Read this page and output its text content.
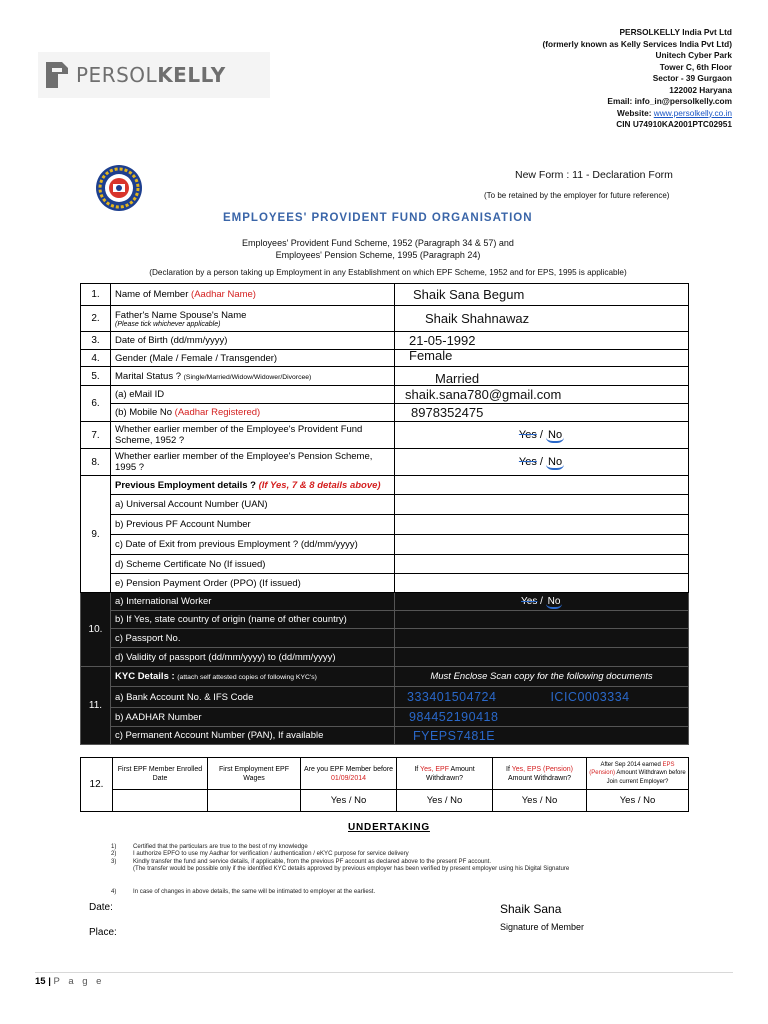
PERSOLKELLY
PERSOLKELLY India Pvt Ltd
(formerly known as Kelly Services India Pvt Ltd)
Unitech Cyber Park
Tower C, 6th Floor
Sector - 39 Gurgaon
122002 Haryana
Email: info_in@persolkelly.com
Website: www.persolkelly.co.in
CIN U74910KA2001PTC02951
New Form : 11 - Declaration Form
(To be retained by the employer for future reference)
EMPLOYEES' PROVIDENT FUND ORGANISATION
Employees' Provident Fund Scheme, 1952 (Paragraph 34 & 57) and
Employees' Pension Scheme, 1995 (Paragraph 24)
(Declaration by a person taking up Employment in any Establishment on which EPF Scheme, 1952 and for EPS, 1995 is applicable)
1.	Name of Member (Aadhar Name)	Shaik Sana Begum
2.	Father's Name Spouse's Name
(Please tick whichever applicable)	Shaik Shahnawaz
3.	Date of Birth (dd/mm/yyyy)	21-05-1992
4.	Gender (Male / Female / Transgender)	Female
5.	Marital Status ? (Single/Married/Widow/Widower/Divorcee)	Married
6.	(a) eMail ID	shaik.sana780@gmail.com
	(b) Mobile No (Aadhar Registered)	8978352475
7.	Whether earlier member of the Employee's Provident Fund Scheme, 1952 ?	Yes / No

8.	Whether earlier member of the Employee's Pension Scheme, 1995 ?	Yes / No

9.	Previous Employment details ? (If Yes, 7 & 8 details above)	
	a) Universal Account Number (UAN)	
	b) Previous PF Account Number	
	c) Date of Exit from previous Employment ? (dd/mm/yyyy)	
	d) Scheme Certificate No (If issued)	
	e) Pension Payment Order (PPO) (If issued)	
10.	a) International Worker	Yes / No

	b) If Yes, state country of origin (name of other country)	
	c) Passport No.	
	d) Validity of passport (dd/mm/yyyy) to (dd/mm/yyyy)	
11.	KYC Details : (attach self attested copies of following KYC's)	Must Enclose Scan copy for the following documents
	a) Bank Account No. & IFS Code	333401504724 ICIC0003334
	b) AADHAR Number	984452190418
	c) Permanent Account Number (PAN), If available	FYEPS7481E
12.	First EPF Member Enrolled Date	First Employment EPF Wages	Are you EPF Member before 01/09/2014	If Yes, EPF Amount Withdrawn?	If Yes, EPS (Pension) Amount Withdrawn?	After Sep 2014 earned EPS (Pension) Amount Withdrawn before Join current Employer?
			Yes / No	Yes / No	Yes / No	Yes / No
UNDERTAKING
1)	Certified that the particulars are true to the best of my knowledge
2)	I authorize EPFO to use my Aadhar for verification / authentication / eKYC purpose for service delivery
3)	Kindly transfer the fund and service details, if applicable, from the previous PF account as declared above to the present PF account.
(The transfer would be possible only if the identified KYC details approved by previous employer has been verified by present employer using his Digital Signature
4)	In case of changes in above details, the same will be intimated to employer at the earliest.
Date:
Place:
Shaik Sana
Signature of Member
15 | P a g e
